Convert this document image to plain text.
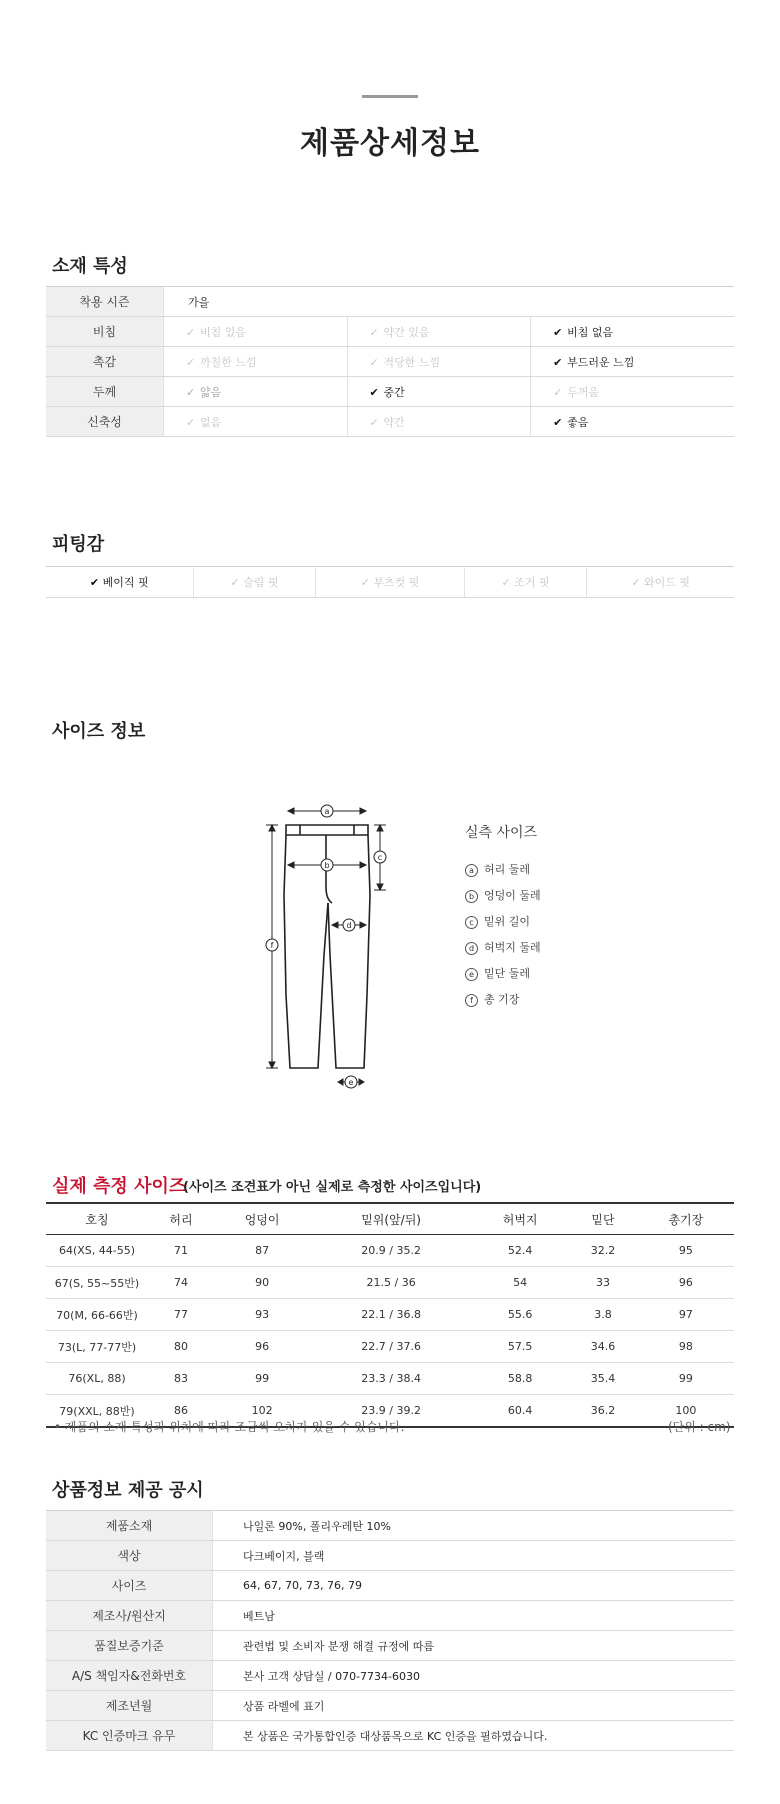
제품상세정보
소재 특성
착용 시즌	가을		
비침	✓ 비침 있음	✓ 약간 있음	✔ 비침 없음
촉감	✓ 까칠한 느낌	✓ 적당한 느낌	✔ 부드러운 느낌
두께	✓ 얇음	✔ 중간	✓ 두꺼움
신축성	✓ 없음	✓ 약간	✔ 좋음
피팅감
✔ 베이직 핏	✓ 슬림 핏	✓ 부츠컷 핏	✓ 조거 핏	✓ 와이드 핏
사이즈 정보
a
b
c
d
e
f
실측 사이즈
a 허리 둘레
b 엉덩이 둘레
c 밑위 길이
d 허벅지 둘레
e 밑단 둘레
f 총 기장
실제 측정 사이즈
(사이즈 조견표가 아닌 실제로 측정한 사이즈입니다)
호칭	허리	엉덩이	밑위(앞/뒤)	허벅지	밑단	총기장
64(XS, 44-55)	71	87	20.9 / 35.2	52.4	32.2	95
67(S, 55~55반)	74	90	21.5 / 36	54	33	96
70(M, 66-66반)	77	93	22.1 / 36.8	55.6	3.8	97
73(L, 77-77반)	80	96	22.7 / 37.6	57.5	34.6	98
76(XL, 88)	83	99	23.3 / 38.4	58.8	35.4	99
79(XXL, 88반)	86	102	23.9 / 39.2	60.4	36.2	100
• 제품의 소재 특성과 위치에 따라 조금씩 오차가 있을 수 있습니다.	(단위 : cm)
상품정보 제공 공시
제품소재	나일론 90%, 폴리우레탄 10%
색상	다크베이지, 블랙
사이즈	64, 67, 70, 73, 76, 79
제조사/원산지	베트남
품질보증기준	관련법 및 소비자 분쟁 해결 규정에 따름
A/S 책임자&전화번호	본사 고객 상담실 / 070-7734-6030
제조년월	상품 라벨에 표기
KC 인증마크 유무	본 상품은 국가통합인증 대상품목으로 KC 인증을 필하였습니다.
